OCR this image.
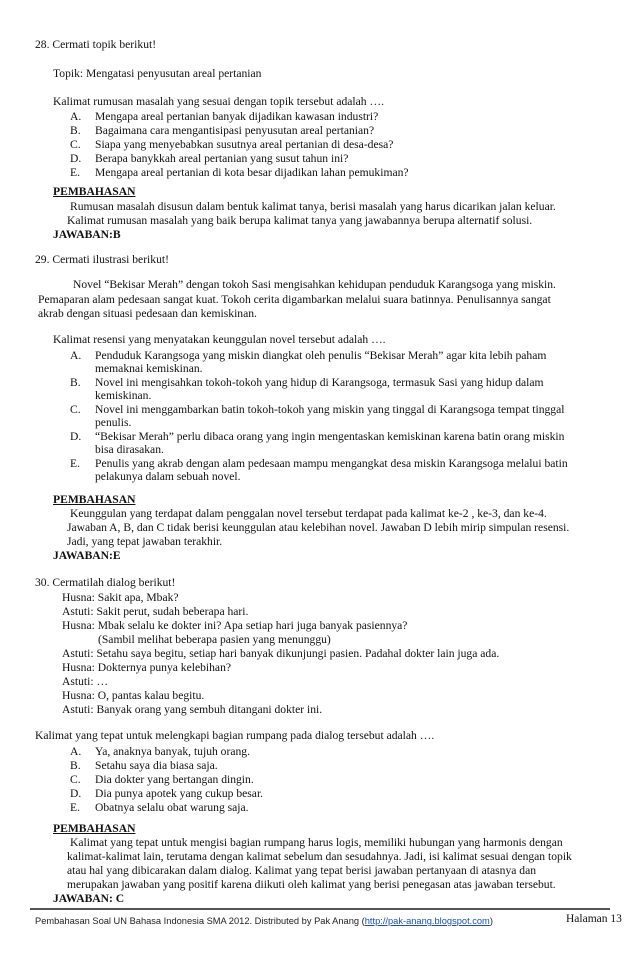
28. Cermati topik berikut!
Topik: Mengatasi penyusutan areal pertanian
Kalimat rumusan masalah yang sesuai dengan topik tersebut adalah ….
A. Mengapa areal pertanian banyak dijadikan kawasan industri?
B. Bagaimana cara mengantisipasi penyusutan areal pertanian?
C. Siapa yang menyebabkan susutnya areal pertanian di desa-desa?
D. Berapa banykkah areal pertanian yang susut tahun ini?
E. Mengapa areal pertanian di kota besar dijadikan lahan pemukiman?
PEMBAHASAN
Rumusan masalah disusun dalam bentuk kalimat tanya, berisi masalah yang harus dicarikan jalan keluar.
Kalimat rumusan masalah yang baik berupa kalimat tanya yang jawabannya berupa alternatif solusi.
JAWABAN:B
29. Cermati ilustrasi berikut!
Novel “Bekisar Merah” dengan tokoh Sasi mengisahkan kehidupan penduduk Karangsoga yang miskin.
Pemaparan alam pedesaan sangat kuat. Tokoh cerita digambarkan melalui suara batinnya. Penulisannya sangat
akrab dengan situasi pedesaan dan kemiskinan.
Kalimat resensi yang menyatakan keunggulan novel tersebut adalah ….
A. Penduduk Karangsoga yang miskin diangkat oleh penulis “Bekisar Merah” agar kita lebih paham
memaknai kemiskinan.
B. Novel ini mengisahkan tokoh-tokoh yang hidup di Karangsoga, termasuk Sasi yang hidup dalam
kemiskinan.
C. Novel ini menggambarkan batin tokoh-tokoh yang miskin yang tinggal di Karangsoga tempat tinggal
penulis.
D. “Bekisar Merah” perlu dibaca orang yang ingin mengentaskan kemiskinan karena batin orang miskin
bisa dirasakan.
E. Penulis yang akrab dengan alam pedesaan mampu mengangkat desa miskin Karangsoga melalui batin
pelakunya dalam sebuah novel.
PEMBAHASAN
Keunggulan yang terdapat dalam penggalan novel tersebut terdapat pada kalimat ke-2 , ke-3, dan ke-4.
Jawaban A, B, dan C tidak berisi keunggulan atau kelebihan novel. Jawaban D lebih mirip simpulan resensi.
Jadi, yang tepat jawaban terakhir.
JAWABAN:E
30. Cermatilah dialog berikut!
Husna: Sakit apa, Mbak?
Astuti: Sakit perut, sudah beberapa hari.
Husna: Mbak selalu ke dokter ini? Apa setiap hari juga banyak pasiennya?
(Sambil melihat beberapa pasien yang menunggu)
Astuti: Setahu saya begitu, setiap hari banyak dikunjungi pasien. Padahal dokter lain juga ada.
Husna: Dokternya punya kelebihan?
Astuti: …
Husna: O, pantas kalau begitu.
Astuti: Banyak orang yang sembuh ditangani dokter ini.
Kalimat yang tepat untuk melengkapi bagian rumpang pada dialog tersebut adalah ….
A. Ya, anaknya banyak, tujuh orang.
B. Setahu saya dia biasa saja.
C. Dia dokter yang bertangan dingin.
D. Dia punya apotek yang cukup besar.
E. Obatnya selalu obat warung saja.
PEMBAHASAN
Kalimat yang tepat untuk mengisi bagian rumpang harus logis, memiliki hubungan yang harmonis dengan
kalimat-kalimat lain, terutama dengan kalimat sebelum dan sesudahnya. Jadi, isi kalimat sesuai dengan topik
atau hal yang dibicarakan dalam dialog. Kalimat yang tepat berisi jawaban pertanyaan di atasnya dan
merupakan jawaban yang positif karena diikuti oleh kalimat yang berisi penegasan atas jawaban tersebut.
JAWABAN: C
Pembahasan Soal UN Bahasa Indonesia SMA 2012. Distributed by Pak Anang (http://pak-anang.blogspot.com)	Halaman 13
